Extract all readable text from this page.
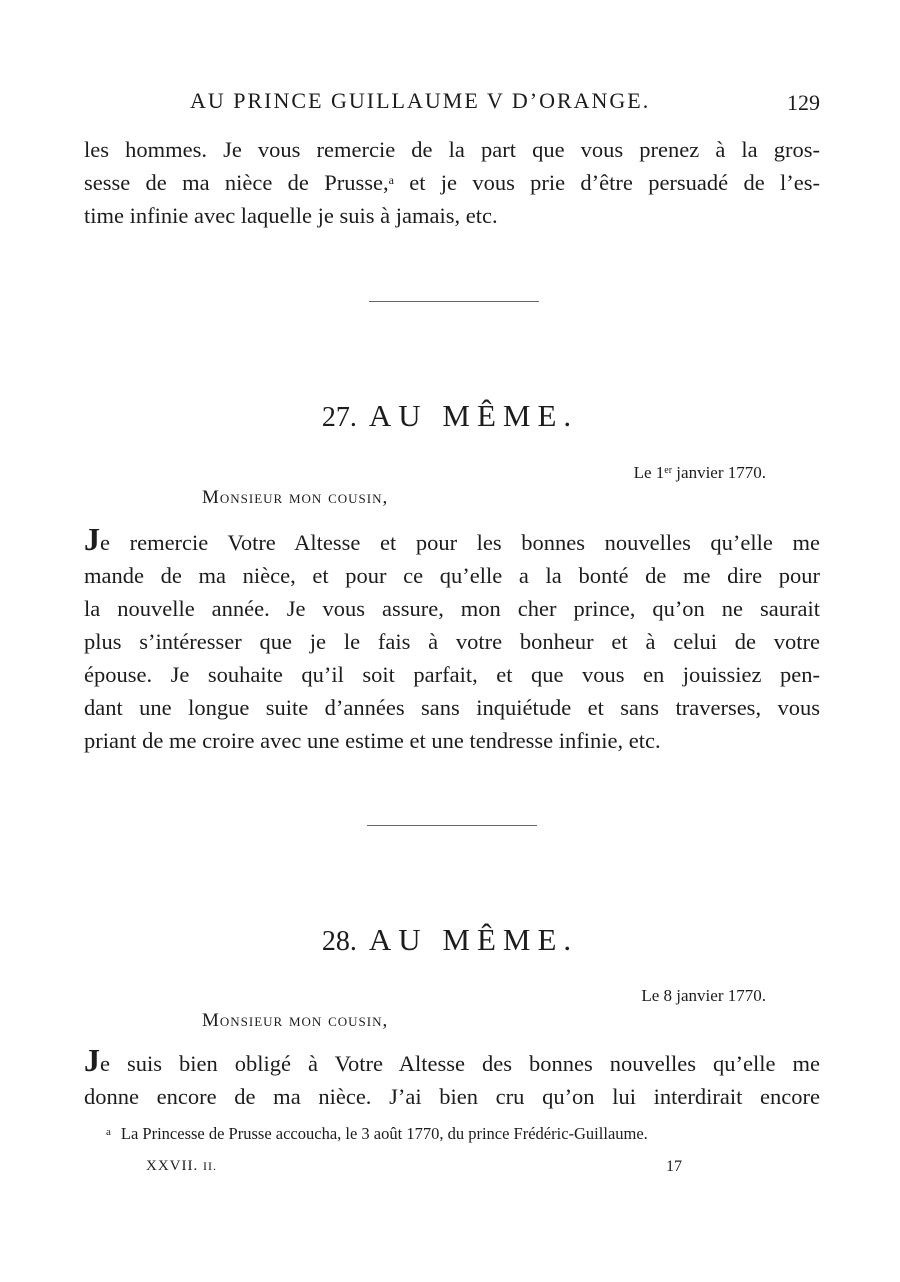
AU PRINCE GUILLAUME V D’ORANGE.	129
les hommes. Je vous remercie de la part que vous prenez à la gros-
sesse de ma nièce de Prusse,$^a$ et je vous prie d’être persuadé de l’es-
time infinie avec laquelle je suis à jamais, etc.
27. AU MÊME.
Le 1er janvier 1770.
Monsieur mon cousin,
Je remercie Votre Altesse et pour les bonnes nouvelles qu’elle me
mande de ma nièce, et pour ce qu’elle a la bonté de me dire pour
la nouvelle année. Je vous assure, mon cher prince, qu’on ne saurait
plus s’intéresser que je le fais à votre bonheur et à celui de votre
épouse. Je souhaite qu’il soit parfait, et que vous en jouissiez pen-
dant une longue suite d’années sans inquiétude et sans traverses, vous
priant de me croire avec une estime et une tendresse infinie, etc.
28. AU MÊME.
Le 8 janvier 1770.
Monsieur mon cousin,
Je suis bien obligé à Votre Altesse des bonnes nouvelles qu’elle me
donne encore de ma nièce. J’ai bien cru qu’on lui interdirait encore
$^a$ La Princesse de Prusse accoucha, le 3 août 1770, du prince Frédéric-Guillaume.
XXVII. II.	17
